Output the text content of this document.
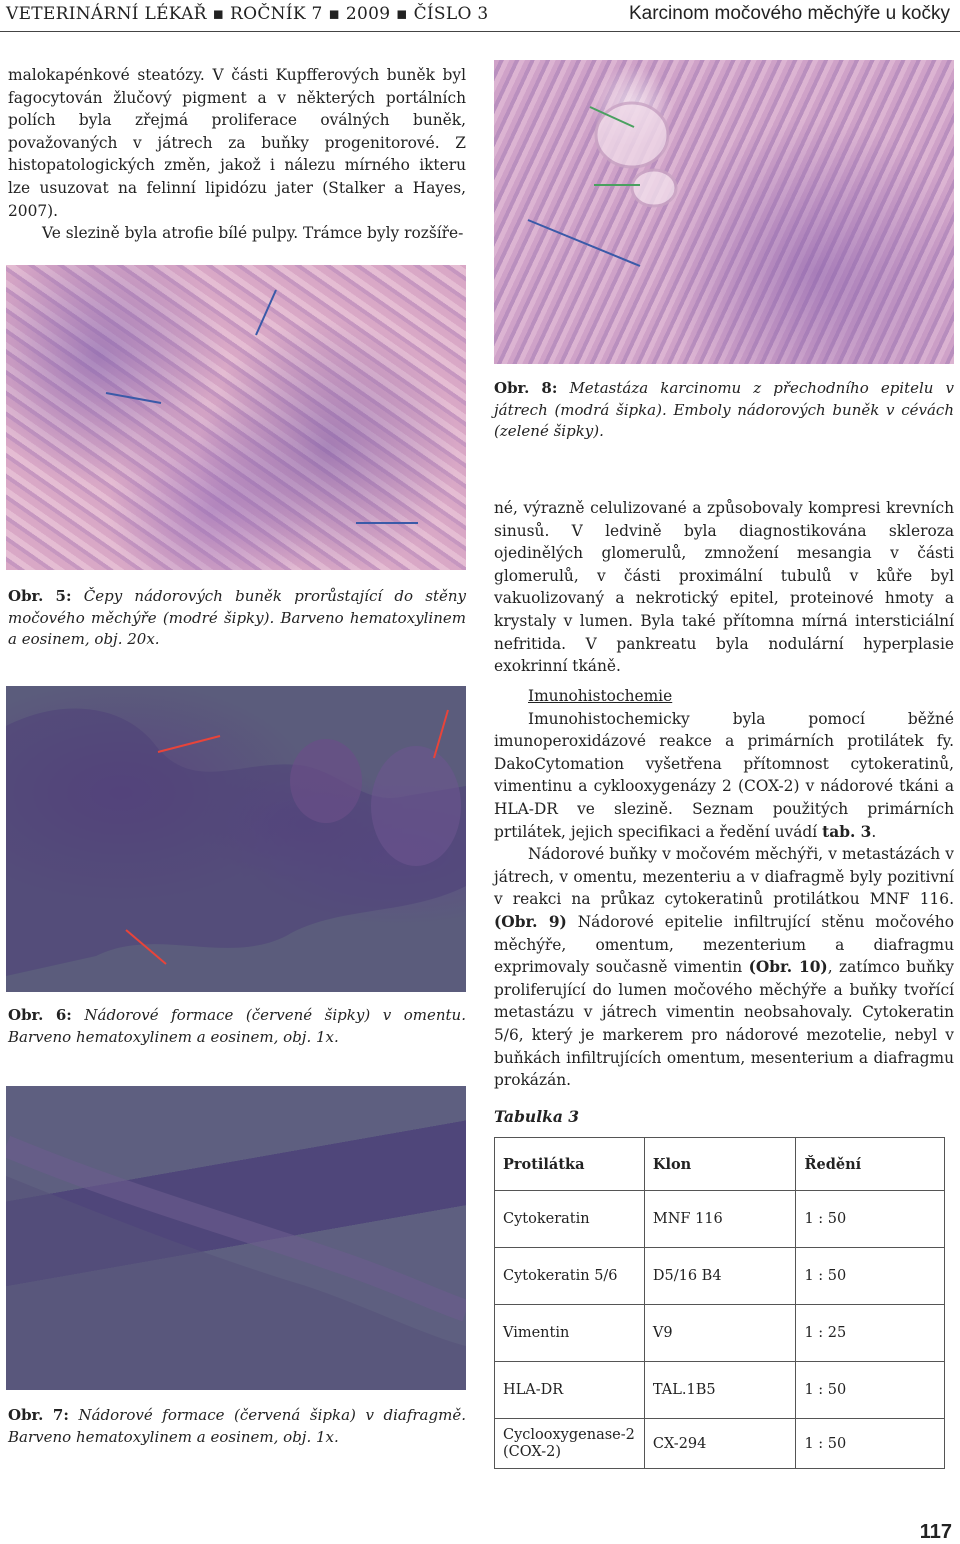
VETERINÁRNÍ LÉKAŘ ▪ ROČNÍK 7 ▪ 2009 ▪ ČÍSLO 3	Karcinom močového měchýře u kočky

malokapénkové steatózy. V části Kupfferových buněk byl fagocytován žlučový pigment a v některých portálních polích byla zřejmá proliferace oválných buněk, považovaných v játrech za buňky progenitorové. Z histopatologických změn, jakož i nálezu mírného ikteru lze usuzovat na felinní lipidózu jater (Stalker a Hayes, 2007).

Ve slezině byla atrofie bílé pulpy. Trámce byly rozšíře-

Obr. 8: Metastáza karcinomu z přechodního epitelu v játrech (modrá šipka). Emboly nádorových buněk v cévách (zelené šipky).
Obr. 5: Čepy nádorových buněk prorůstající do stěny močového měchýře (modré šipky). Barveno hematoxylinem a eosinem, obj. 20x.

né, výrazně celulizované a způsobovaly kompresi krevních sinusů. V ledvině byla diagnostikována skleroza ojedinělých glomerulů, zmnožení mesangia v části glomerulů, v části proximální tubulů v kůře byl vakuolizovaný a nekrotický epitel, proteinové hmoty a krystaly v lumen. Byla také přítomna mírná intersticiální nefritida. V pankreatu byla nodulární hyperplasie exokrinní tkáně.

Obr. 6: Nádorové formace (červené šipky) v omentu. Barveno hematoxylinem a eosinem, obj. 1x.

Imunohistochemie

Imunohistochemicky byla pomocí běžné imunoperoxidázové reakce a primárních protilátek fy. DakoCytomation vyšetřena přítomnost cytokeratinů, vimentinu a cyklooxygenázy 2 (COX-2) v nádorové tkáni a HLA-DR ve slezině. Seznam použitých primárních prtilátek, jejich specifikaci a ředění uvádí tab. 3.

Nádorové buňky v močovém měchýři, v metastázách v játrech, v omentu, mezenteriu a v diafragmě byly pozitivní v reakci na průkaz cytokeratinů protilátkou MNF 116. (Obr. 9) Nádorové epitelie infiltrující stěnu močového měchýře, omentum, mezenterium a diafragmu exprimovaly současně vimentin (Obr. 10), zatímco buňky proliferující do lumen močového měchýře a buňky tvořící metastázu v játrech vimentin neobsahovaly. Cytokeratin 5/6, který je markerem pro nádorové mezotelie, nebyl v buňkách infiltrujících omentum, mesenterium a diafragmu prokázán.

Obr. 7: Nádorové formace (červená šipka) v diafragmě. Barveno hematoxylinem a eosinem, obj. 1x.
Tabulka 3
Protilátka	Klon	Ředění
Cytokeratin	MNF 116	1 : 50
Cytokeratin 5/6	D5/16 B4	1 : 50
Vimentin	V9	1 : 25
HLA-DR	TAL.1B5	1 : 50
Cyclooxygenase-2 (COX-2)	CX-294	1 : 50
117
